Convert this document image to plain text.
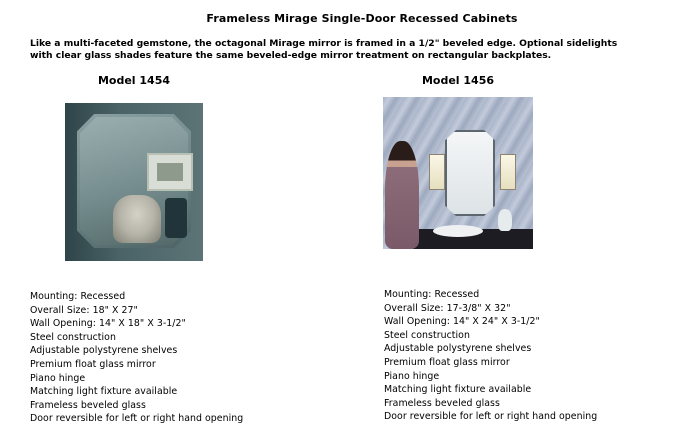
Frameless Mirage Single-Door Recessed Cabinets
Like a multi-faceted gemstone, the octagonal Mirage mirror is framed in a 1/2" beveled edge. Optional sidelights with clear glass shades feature the same beveled-edge mirror treatment on rectangular backplates.
Model 1454	Model 1456
Mounting: Recessed
Overall Size: 18" X 27"
Wall Opening: 14" X 18" X 3-1/2"
Steel construction
Adjustable polystyrene shelves
Premium float glass mirror
Piano hinge
Matching light fixture available
Frameless beveled glass
Door reversible for left or right hand opening
Mounting: Recessed
Overall Size: 17-3/8" X 32"
Wall Opening: 14" X 24" X 3-1/2"
Steel construction
Adjustable polystyrene shelves
Premium float glass mirror
Piano hinge
Matching light fixture available
Frameless beveled glass
Door reversible for left or right hand opening
